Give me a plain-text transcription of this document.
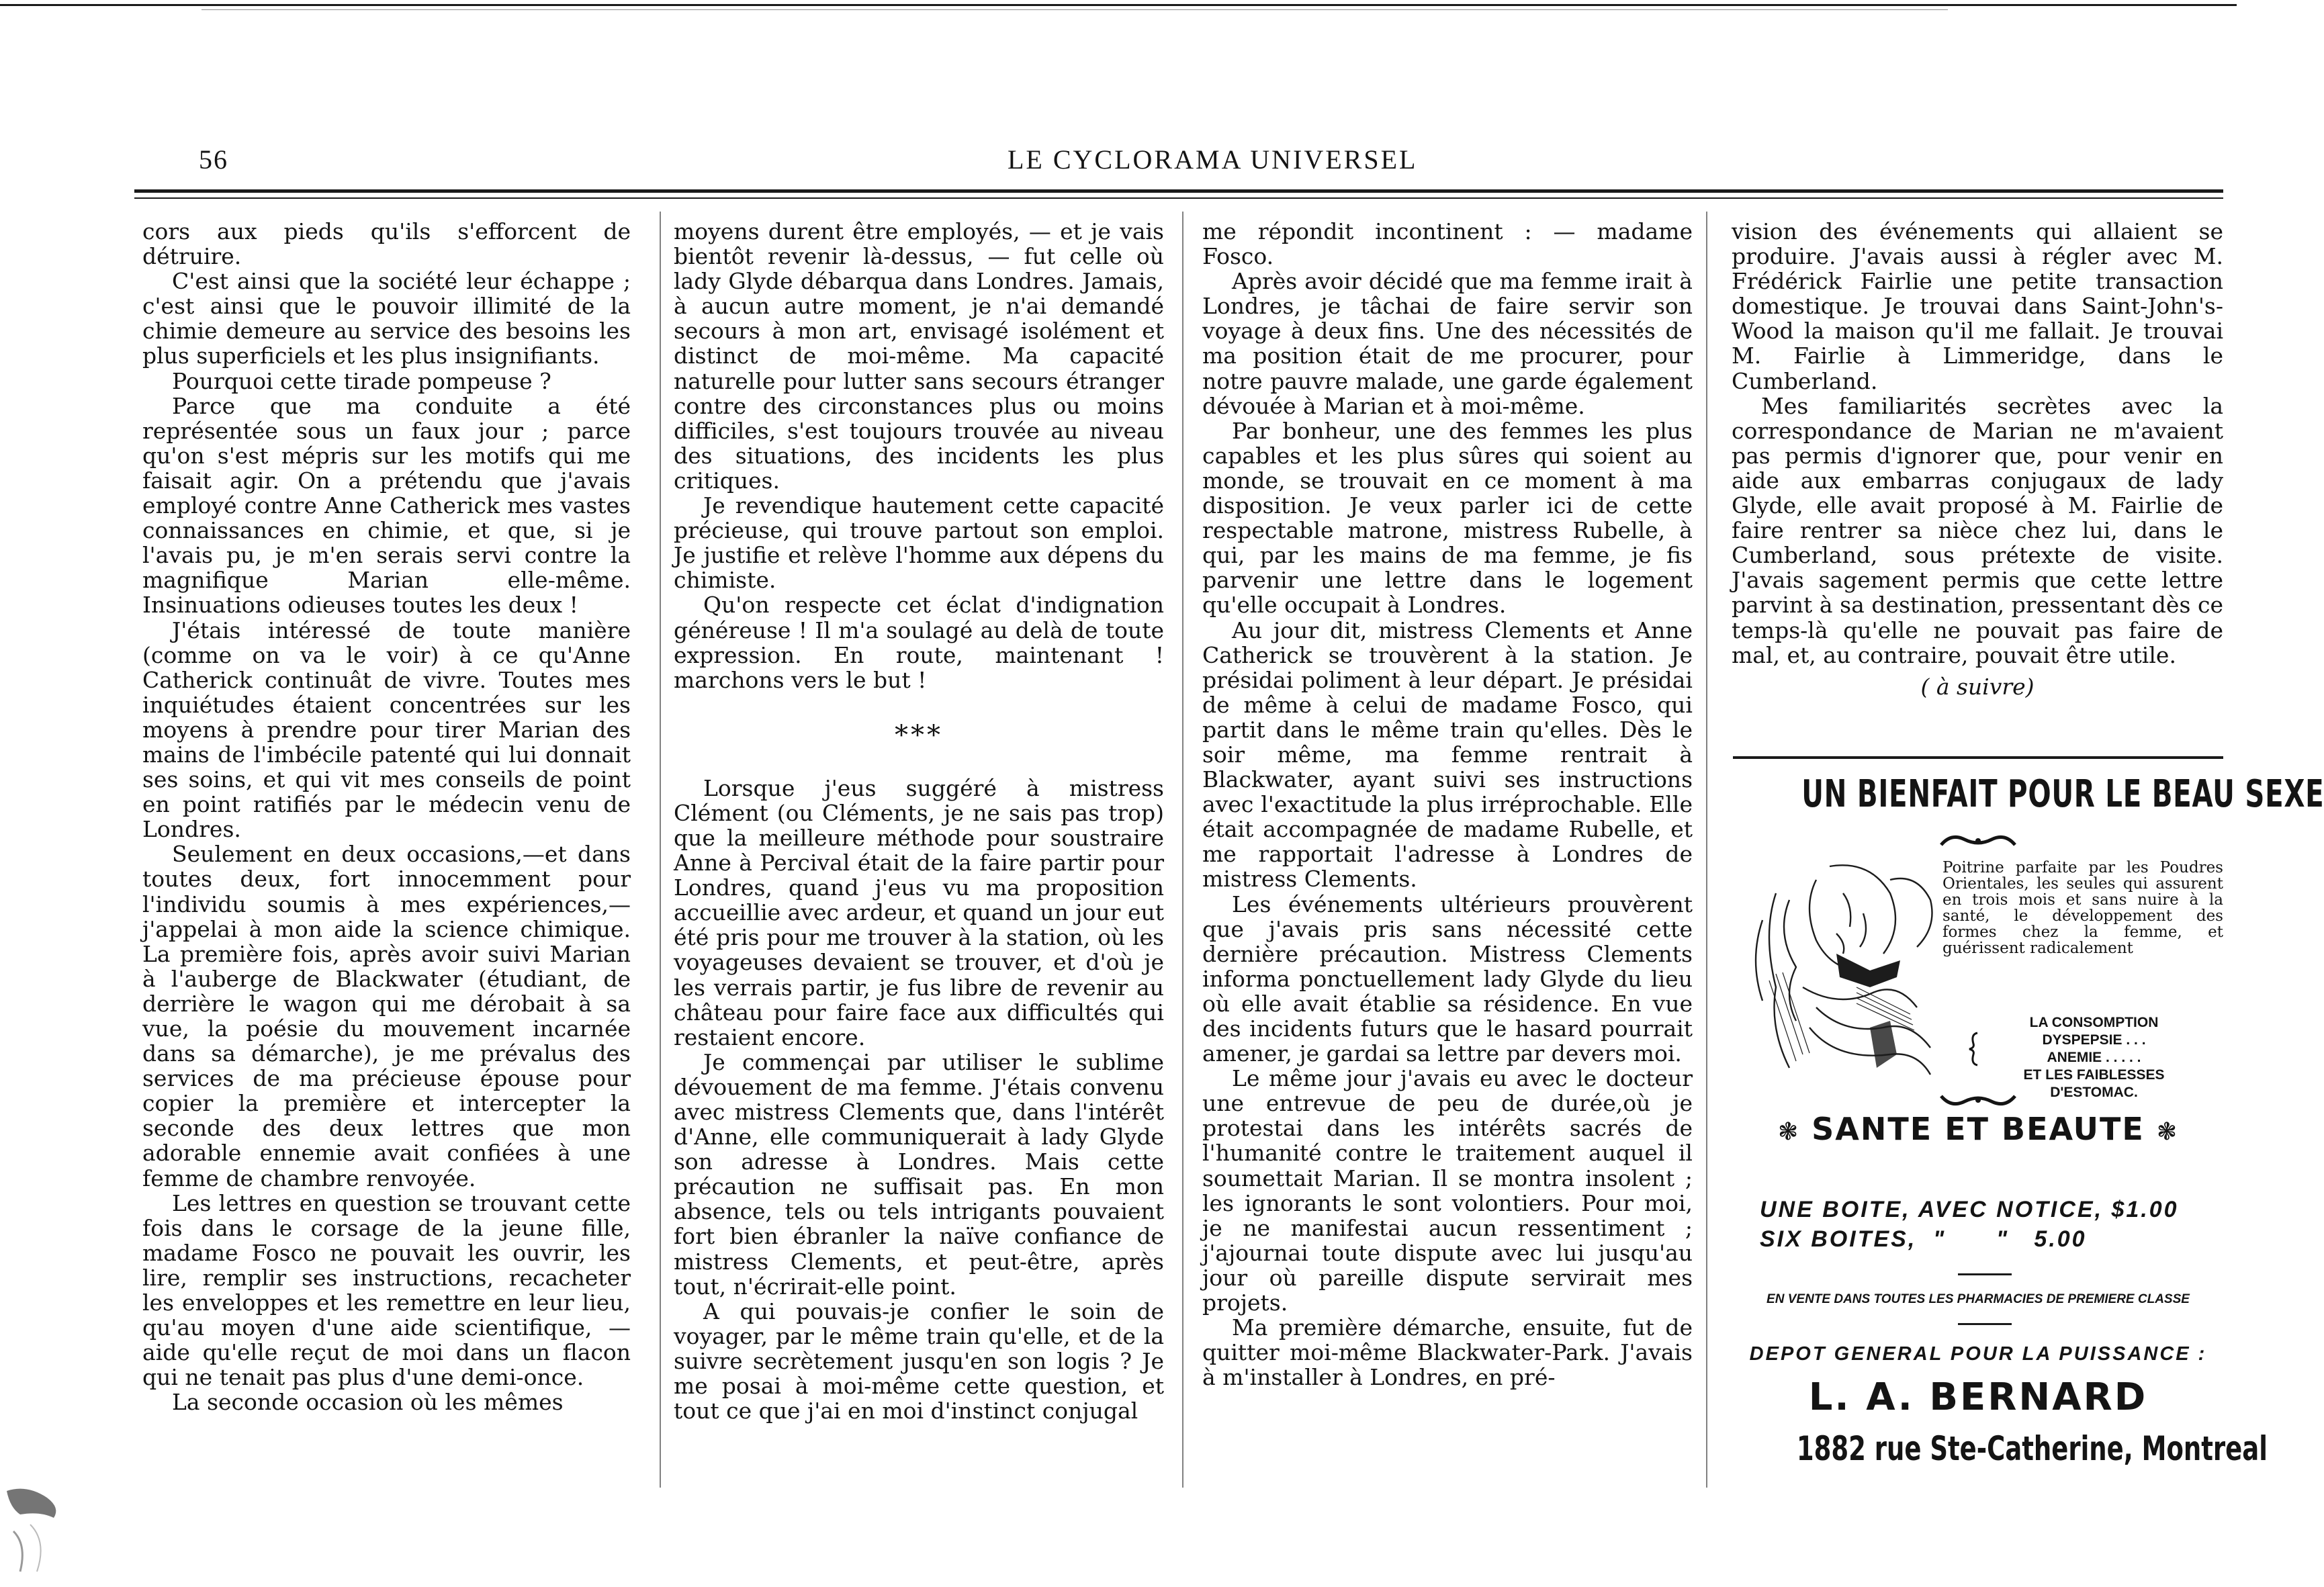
56	LE CYCLORAMA UNIVERSEL

cors aux pieds qu'ils s'efforcent de détruire.

C'est ainsi que la société leur échappe ; c'est ainsi que le pouvoir illimité de la chimie demeure au service des besoins les plus superficiels et les plus insignifiants.

Pourquoi cette tirade pompeuse ?

Parce que ma conduite a été représentée sous un faux jour ; parce qu'on s'est mépris sur les motifs qui me faisait agir. On a prétendu que j'avais employé contre Anne Catherick mes vastes connaissances en chimie, et que, si je l'avais pu, je m'en serais servi contre la magnifique Marian elle-même. Insinuations odieuses toutes les deux !

J'étais intéressé de toute manière (comme on va le voir) à ce qu'Anne Catherick continuât de vivre. Toutes mes inquiétudes étaient concentrées sur les moyens à prendre pour tirer Marian des mains de l'imbécile patenté qui lui donnait ses soins, et qui vit mes conseils de point en point ratifiés par le médecin venu de Londres.

Seulement en deux occasions,—et dans toutes deux, fort innocemment pour l'individu soumis à mes expériences,— j'appelai à mon aide la science chimique. La première fois, après avoir suivi Marian à l'auberge de Blackwater (étudiant, de derrière le wagon qui me dérobait à sa vue, la poésie du mouvement incarnée dans sa démarche), je me prévalus des services de ma précieuse épouse pour copier la première et intercepter la seconde des deux lettres que mon adorable ennemie avait confiées à une femme de chambre renvoyée.

Les lettres en question se trouvant cette fois dans le corsage de la jeune fille, madame Fosco ne pouvait les ouvrir, les lire, remplir ses instructions, recacheter les enveloppes et les remettre en leur lieu, qu'au moyen d'une aide scientifique, — aide qu'elle reçut de moi dans un flacon qui ne tenait pas plus d'une demi-once.

La seconde occasion où les mêmes

moyens durent être employés, — et je vais bientôt revenir là-dessus, — fut celle où lady Glyde débarqua dans Londres. Jamais, à aucun autre moment, je n'ai demandé secours à mon art, envisagé isolément et distinct de moi-même. Ma capacité naturelle pour lutter sans secours étranger contre des circonstances plus ou moins difficiles, s'est toujours trouvée au niveau des situations, des incidents les plus critiques.

Je revendique hautement cette capacité précieuse, qui trouve partout son emploi. Je justifie et relève l'homme aux dépens du chimiste.

Qu'on respecte cet éclat d'indignation généreuse ! Il m'a soulagé au delà de toute expression. En route, maintenant ! marchons vers le but !

***

Lorsque j'eus suggéré à mistress Clément (ou Cléments, je ne sais pas trop) que la meilleure méthode pour soustraire Anne à Percival était de la faire partir pour Londres, quand j'eus vu ma proposition accueillie avec ardeur, et quand un jour eut été pris pour me trouver à la station, où les voyageuses devaient se trouver, et d'où je les verrais partir, je fus libre de revenir au château pour faire face aux difficultés qui restaient encore.

Je commençai par utiliser le sublime dévouement de ma femme. J'étais convenu avec mistress Clements que, dans l'intérêt d'Anne, elle communiquerait à lady Glyde son adresse à Londres. Mais cette précaution ne suffisait pas. En mon absence, tels ou tels intrigants pouvaient fort bien ébranler la naïve confiance de mistress Clements, et peut-être, après tout, n'écrirait-elle point.

A qui pouvais-je confier le soin de voyager, par le même train qu'elle, et de la suivre secrètement jusqu'en son logis ? Je me posai à moi-même cette question, et tout ce que j'ai en moi d'instinct conjugal

me répondit incontinent : — madame Fosco.

Après avoir décidé que ma femme irait à Londres, je tâchai de faire servir son voyage à deux fins. Une des nécessités de ma position était de me procurer, pour notre pauvre malade, une garde également dévouée à Marian et à moi-même.

Par bonheur, une des femmes les plus capables et les plus sûres qui soient au monde, se trouvait en ce moment à ma disposition. Je veux parler ici de cette respectable matrone, mistress Rubelle, à qui, par les mains de ma femme, je fis parvenir une lettre dans le logement qu'elle occupait à Londres.

Au jour dit, mistress Clements et Anne Catherick se trouvèrent à la station. Je présidai poliment à leur départ. Je présidai de même à celui de madame Fosco, qui partit dans le même train qu'elles. Dès le soir même, ma femme rentrait à Blackwater, ayant suivi ses instructions avec l'exactitude la plus irréprochable. Elle était accompagnée de madame Rubelle, et me rapportait l'adresse à Londres de mistress Clements.

Les événements ultérieurs prouvèrent que j'avais pris sans nécessité cette dernière précaution. Mistress Clements informa ponctuellement lady Glyde du lieu où elle avait établie sa résidence. En vue des incidents futurs que le hasard pourrait amener, je gardai sa lettre par devers moi.

Le même jour j'avais eu avec le docteur une entrevue de peu de durée,où je protestai dans les intérêts sacrés de l'humanité contre le traitement auquel il soumettait Marian. Il se montra insolent ; les ignorants le sont volontiers. Pour moi, je ne manifestai aucun ressentiment ; j'ajournai toute dispute avec lui jusqu'au jour où pareille dispute servirait mes projets.

Ma première démarche, ensuite, fut de quitter moi-même Blackwater-Park. J'avais à m'installer à Londres, en pré-

vision des événements qui allaient se produire. J'avais aussi à régler avec M. Frédérick Fairlie une petite transaction domestique. Je trouvai dans Saint-John's-Wood la maison qu'il me fallait. Je trouvai M. Fairlie à Limmeridge, dans le Cumberland.

Mes familiarités secrètes avec la correspondance de Marian ne m'avaient pas permis d'ignorer que, pour venir en aide aux embarras conjugaux de lady Glyde, elle avait proposé à M. Fairlie de faire rentrer sa nièce chez lui, dans le Cumberland, sous prétexte de visite. J'avais sagement permis que cette lettre parvint à sa destination, pressentant dès ce temps-là qu'elle ne pouvait pas faire de mal, et, au contraire, pouvait être utile.

( à suivre)
UN BIENFAIT POUR LE BEAU SEXE
Poitrine parfaite par les Poudres Orientales, les seules qui assurent en trois mois et sans nuire à la santé, le développement des formes chez la femme, et guérissent radicalement
LA CONSOMPTION
DYSPEPSIE . . .
ANEMIE . . . . .
ET LES FAIBLESSES
D'ESTOMAC.
❃ SANTE ET BEAUTE ❃
UNE BOITE, AVEC NOTICE, $1.00
SIX BOITES,  "      "   5.00
EN VENTE DANS TOUTES LES PHARMACIES DE PREMIERE CLASSE
DEPOT GENERAL POUR LA PUISSANCE :
L. A. BERNARD
1882 rue Ste-Catherine, Montreal
